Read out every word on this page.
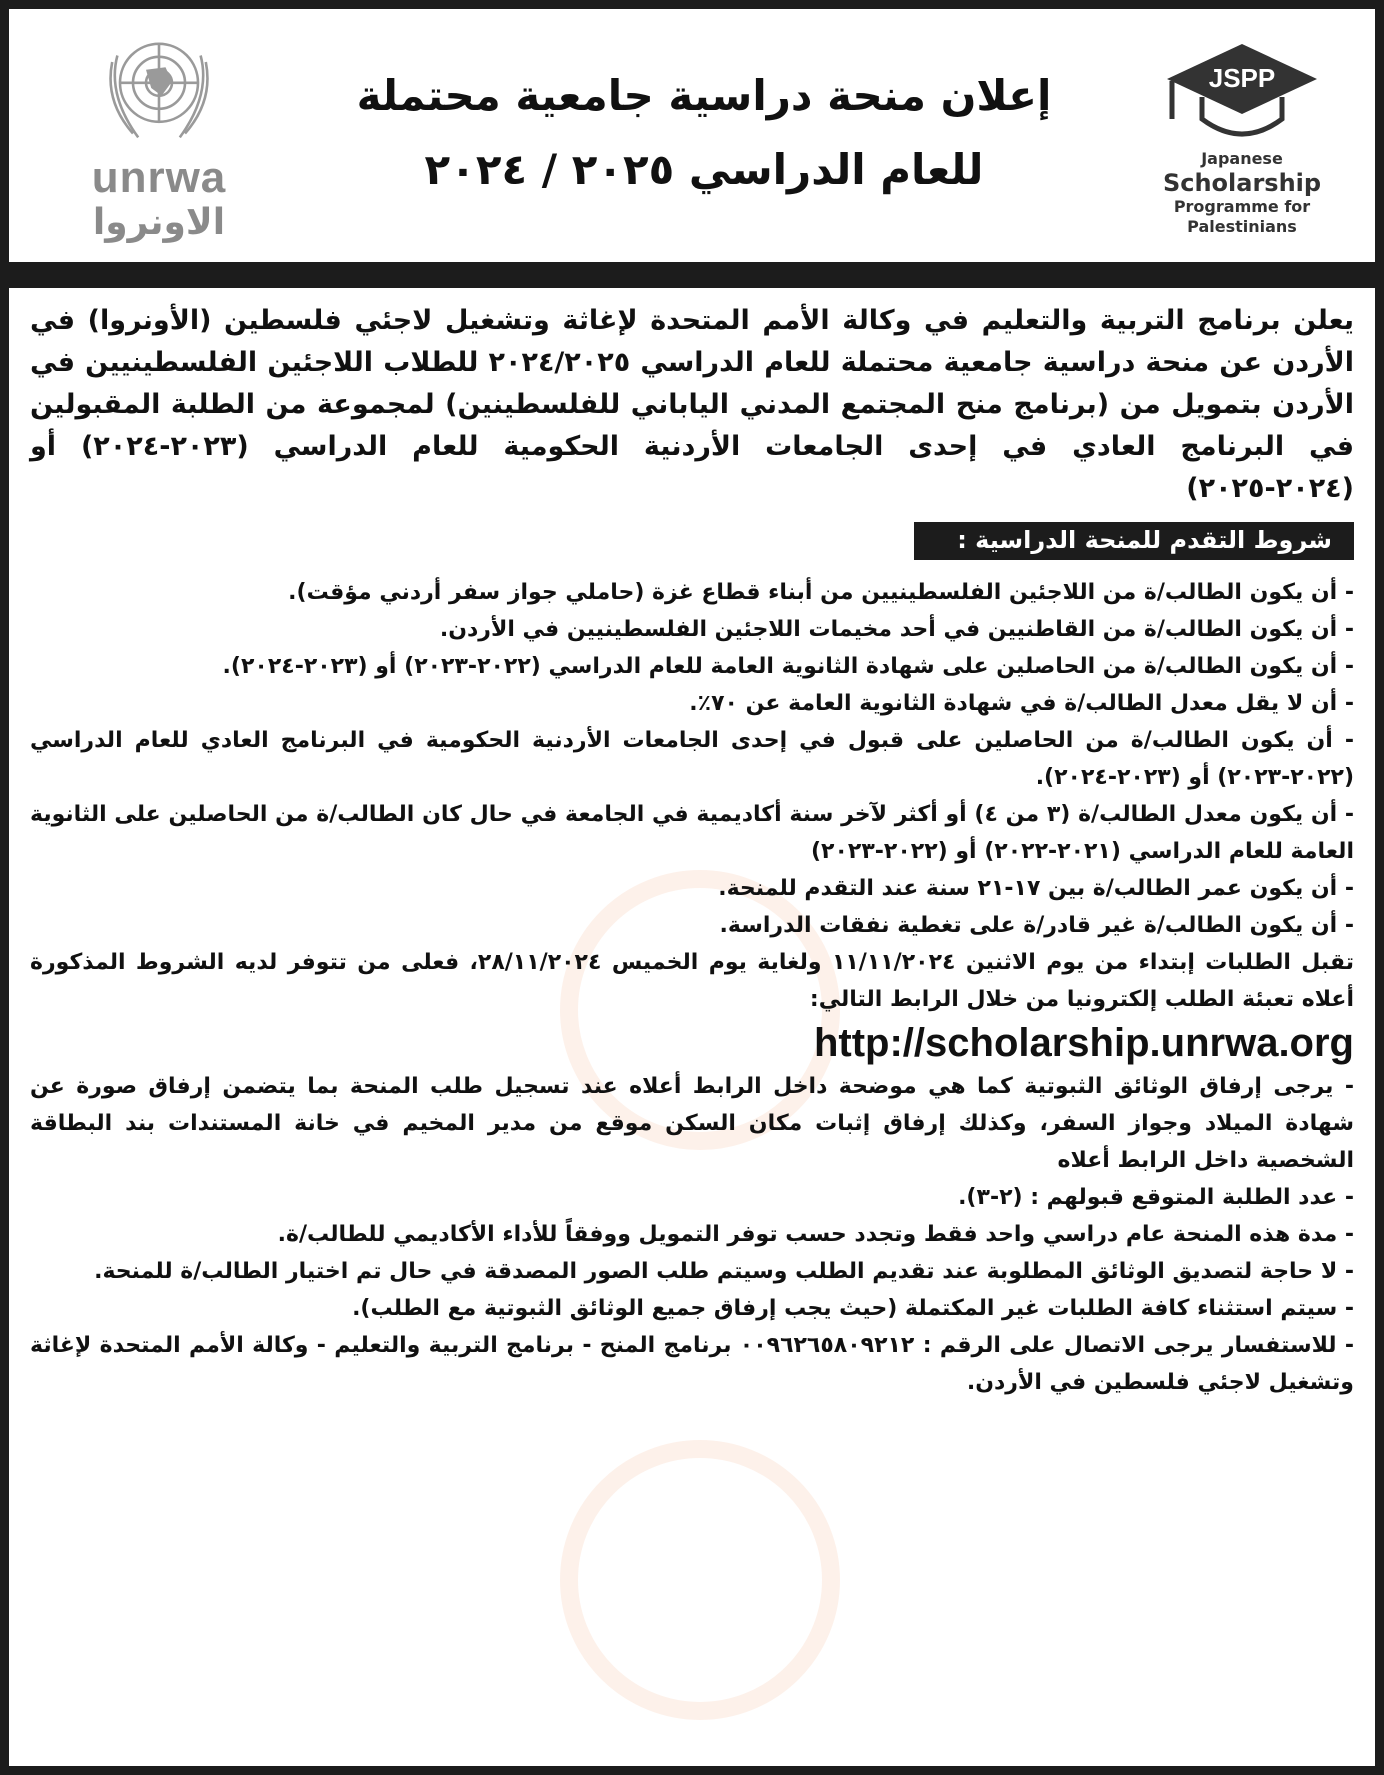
unrwa
الاونروا
إعلان منحة دراسية جامعية محتملة
للعام الدراسي ٢٠٢٥ / ٢٠٢٤
JSPP
Japanese
Scholarship
Programme for
Palestinians

يعلن برنامج التربية والتعليم في وكالة الأمم المتحدة لإغاثة وتشغيل لاجئي فلسطين (الأونروا) في الأردن عن منحة دراسية جامعية محتملة للعام الدراسي ٢٠٢٤/٢٠٢٥ للطلاب اللاجئين الفلسطينيين في الأردن بتمويل من (برنامج منح المجتمع المدني الياباني للفلسطينين) لمجموعة من الطلبة المقبولين في البرنامج العادي في إحدى الجامعات الأردنية الحكومية للعام الدراسي (٢٠٢٣-٢٠٢٤) أو (٢٠٢٤-٢٠٢٥)

شروط التقدم للمنحة الدراسية :

- أن يكون الطالب/ة من اللاجئين الفلسطينيين من أبناء قطاع غزة (حاملي جواز سفر أردني مؤقت).

- أن يكون الطالب/ة من القاطنيين في أحد مخيمات اللاجئين الفلسطينيين في الأردن.

- أن يكون الطالب/ة من الحاصلين على شهادة الثانوية العامة للعام الدراسي (٢٠٢٢-٢٠٢٣) أو (٢٠٢٣-٢٠٢٤).

- أن لا يقل معدل الطالب/ة في شهادة الثانوية العامة عن ٧٠٪.

- أن يكون الطالب/ة من الحاصلين على قبول في إحدى الجامعات الأردنية الحكومية في البرنامج العادي للعام الدراسي (٢٠٢٢-٢٠٢٣) أو (٢٠٢٣-٢٠٢٤).

- أن يكون معدل الطالب/ة (٣ من ٤) أو أكثر لآخر سنة أكاديمية في الجامعة في حال كان الطالب/ة من الحاصلين على الثانوية العامة للعام الدراسي (٢٠٢١-٢٠٢٢) أو (٢٠٢٢-٢٠٢٣)

- أن يكون عمر الطالب/ة بين ١٧-٢١ سنة عند التقدم للمنحة.

- أن يكون الطالب/ة غير قادر/ة على تغطية نفقات الدراسة.

تقبل الطلبات إبتداء من يوم الاثنين ١١/١١/٢٠٢٤ ولغاية يوم الخميس ٢٨/١١/٢٠٢٤، فعلى من تتوفر لديه الشروط المذكورة أعلاه تعبئة الطلب إلكترونيا من خلال الرابط التالي:

http://scholarship.unrwa.org

- يرجى إرفاق الوثائق الثبوتية كما هي موضحة داخل الرابط أعلاه عند تسجيل طلب المنحة بما يتضمن إرفاق صورة عن شهادة الميلاد وجواز السفر، وكذلك إرفاق إثبات مكان السكن موقع من مدير المخيم في خانة المستندات بند البطاقة الشخصية داخل الرابط أعلاه

- عدد الطلبة المتوقع قبولهم : (٢-٣).

- مدة هذه المنحة عام دراسي واحد فقط وتجدد حسب توفر التمويل ووفقاً للأداء الأكاديمي للطالب/ة.

- لا حاجة لتصديق الوثائق المطلوبة عند تقديم الطلب وسيتم طلب الصور المصدقة في حال تم اختيار الطالب/ة للمنحة.

- سيتم استثناء كافة الطلبات غير المكتملة (حيث يجب إرفاق جميع الوثائق الثبوتية مع الطلب).

- للاستفسار يرجى الاتصال على الرقم : ٠٠٩٦٢٦٥٨٠٩٢١٢ برنامج المنح - برنامج التربية والتعليم - وكالة الأمم المتحدة لإغاثة وتشغيل لاجئي فلسطين في الأردن.
